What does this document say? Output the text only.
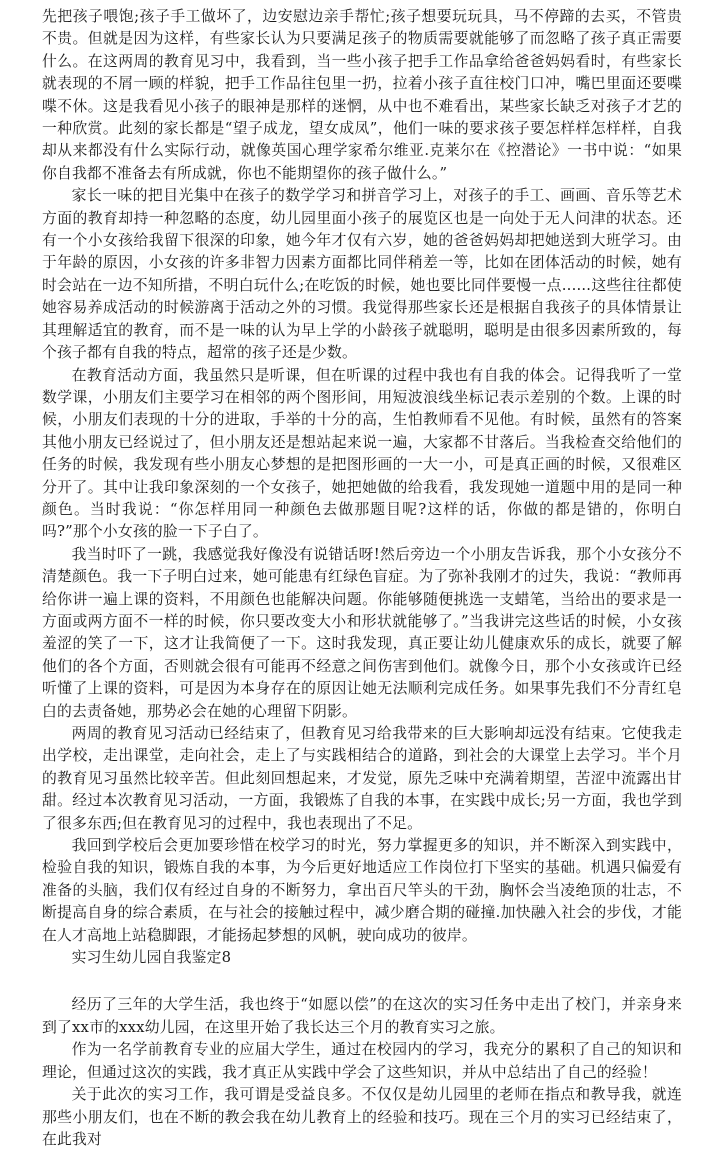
先把孩子喂饱;孩子手工做坏了，边安慰边亲手帮忙;孩子想要玩玩具，马不停蹄的去买，不管贵不贵。但就是因为这样，有些家长认为只要满足孩子的物质需要就能够了而忽略了孩子真正需要什么。在这两周的教育见习中，我看到，当一些小孩子把手工作品拿给爸爸妈妈看时，有些家长就表现的不屑一顾的样貌，把手工作品往包里一扔，拉着小孩子直往校门口冲，嘴巴里面还要喋喋不休。这是我看见小孩子的眼神是那样的迷惘，从中也不难看出，某些家长缺乏对孩子才艺的一种欣赏。此刻的家长都是“望子成龙，望女成凤”，他们一味的要求孩子要怎样样怎样样，自我却从来都没有什么实际行动，就像英国心理学家希尔维亚.克莱尔在《控潜论》一书中说：“如果你自我都不准备去有所成就，你也不能期望你的孩子做什么。”

家长一味的把目光集中在孩子的数学学习和拼音学习上，对孩子的手工、画画、音乐等艺术方面的教育却持一种忽略的态度，幼儿园里面小孩子的展览区也是一向处于无人问津的状态。还有一个小女孩给我留下很深的印象，她今年才仅有六岁，她的爸爸妈妈却把她送到大班学习。由于年龄的原因，小女孩的许多非智力因素方面都比同伴稍差一等，比如在团体活动的时候，她有时会站在一边不知所措，不明白玩什么;在吃饭的时候，她也要比同伴要慢一点......这些往往都使她容易养成活动的时候游离于活动之外的习惯。我觉得那些家长还是根据自我孩子的具体情景让其理解适宜的教育，而不是一味的认为早上学的小龄孩子就聪明，聪明是由很多因素所致的，每个孩子都有自我的特点，超常的孩子还是少数。

在教育活动方面，我虽然只是听课，但在听课的过程中我也有自我的体会。记得我听了一堂数学课，小朋友们主要学习在相邻的两个图形间，用短波浪线坐标记表示差别的个数。上课的时候，小朋友们表现的十分的进取，手举的十分的高，生怕教师看不见他。有时候，虽然有的答案其他小朋友已经说过了，但小朋友还是想站起来说一遍，大家都不甘落后。当我检查交给他们的任务的时候，我发现有些小朋友心梦想的是把图形画的一大一小，可是真正画的时候，又很难区分开了。其中让我印象深刻的一个女孩子，她把她做的给我看，我发现她一道题中用的是同一种颜色。当时我说：“你怎样用同一种颜色去做那题目呢?这样的话，你做的都是错的，你明白吗?”那个小女孩的脸一下子白了。

我当时吓了一跳，我感觉我好像没有说错话呀!然后旁边一个小朋友告诉我，那个小女孩分不清楚颜色。我一下子明白过来，她可能患有红绿色盲症。为了弥补我刚才的过失，我说：“教师再给你讲一遍上课的资料，不用颜色也能解决问题。你能够随便挑选一支蜡笔，当给出的要求是一方面或两方面不一样的时候，你只要改变大小和形状就能够了。”当我讲完这些话的时候，小女孩羞涩的笑了一下，这才让我简便了一下。这时我发现，真正要让幼儿健康欢乐的成长，就要了解他们的各个方面，否则就会很有可能再不经意之间伤害到他们。就像今日，那个小女孩或许已经听懂了上课的资料，可是因为本身存在的原因让她无法顺利完成任务。如果事先我们不分青红皂白的去责备她，那势必会在她的心理留下阴影。

两周的教育见习活动已经结束了，但教育见习给我带来的巨大影响却远没有结束。它使我走出学校，走出课堂，走向社会，走上了与实践相结合的道路，到社会的大课堂上去学习。半个月的教育见习虽然比较辛苦。但此刻回想起来，才发觉，原先乏味中充满着期望，苦涩中流露出甘甜。经过本次教育见习活动，一方面，我锻炼了自我的本事，在实践中成长;另一方面，我也学到了很多东西;但在教育见习的过程中，我也表现出了不足。

我回到学校后会更加要珍惜在校学习的时光，努力掌握更多的知识，并不断深入到实践中，检验自我的知识，锻炼自我的本事，为今后更好地适应工作岗位打下坚实的基础。机遇只偏爱有准备的头脑，我们仅有经过自身的不断努力，拿出百尺竿头的干劲，胸怀会当凌绝顶的壮志，不断提高自身的综合素质，在与社会的接触过程中，减少磨合期的碰撞.加快融入社会的步伐，才能在人才高地上站稳脚跟，才能扬起梦想的风帆，驶向成功的彼岸。

实习生幼儿园自我鉴定8

经历了三年的大学生活，我也终于“如愿以偿”的在这次的实习任务中走出了校门，并亲身来到了xx市的xxx幼儿园，在这里开始了我长达三个月的教育实习之旅。

作为一名学前教育专业的应届大学生，通过在校园内的学习，我充分的累积了自己的知识和理论，但通过这次的实践，我才真正从实践中学会了这些知识，并从中总结出了自己的经验！

关于此次的实习工作，我可谓是受益良多。不仅仅是幼儿园里的老师在指点和教导我，就连那些小朋友们，也在不断的教会我在幼儿教育上的经验和技巧。现在三个月的实习已经结束了，在此我对
